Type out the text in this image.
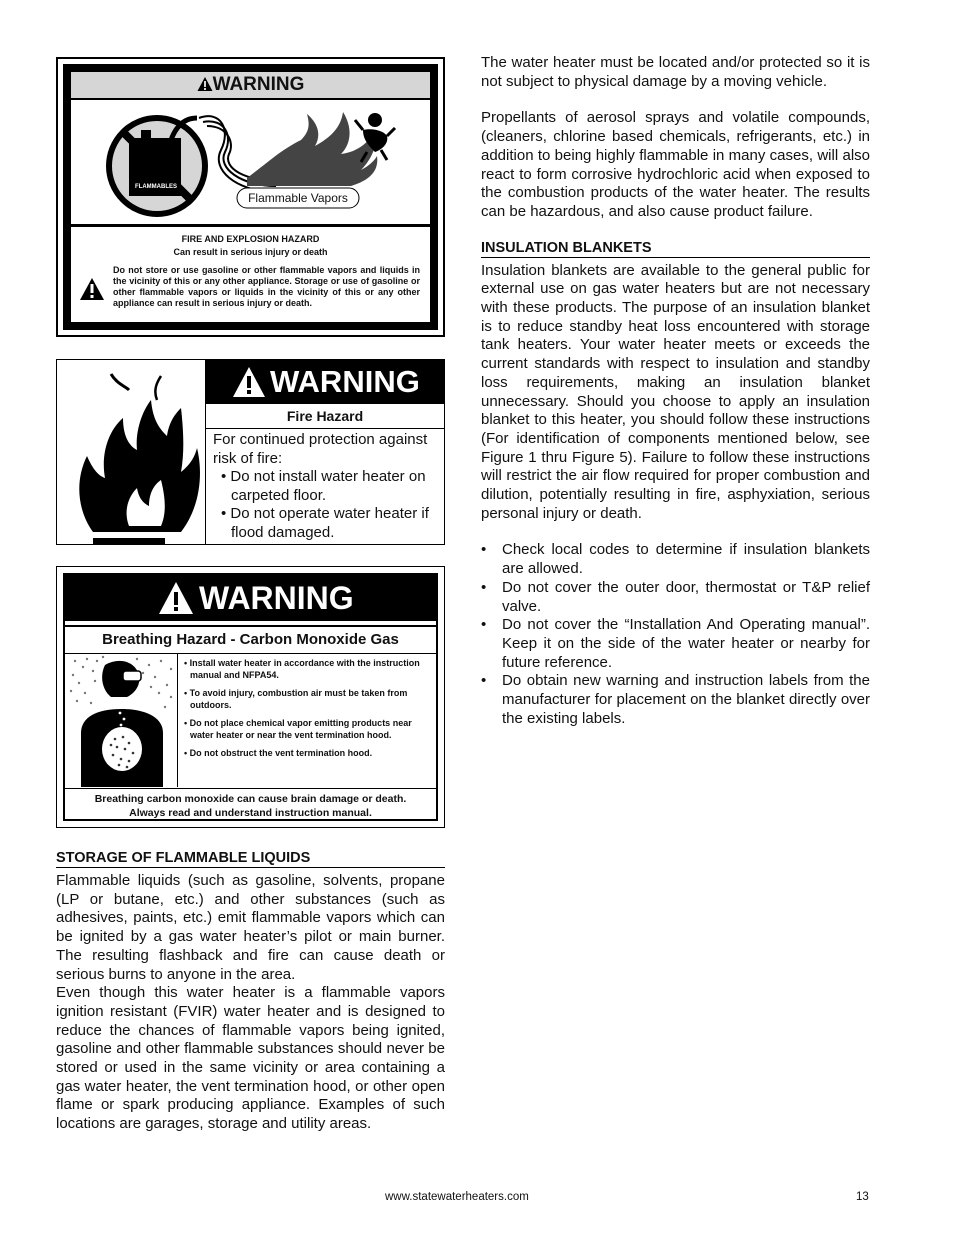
WARNING
FLAMMABLES
Flammable Vapors
FIRE AND EXPLOSION HAZARD
Can result in serious injury or death
Do not store or use gasoline or other flammable vapors and liquids in the vicinity of this or any other appliance. Storage or use of gasoline or other flammable vapors or liquids in the vicinity of this or any other appliance can result in serious injury or death.
WARNING
Fire Hazard
For continued protection against risk of fire:
• Do not install water heater on carpeted floor.
• Do not operate water heater if flood damaged.
WARNING
Breathing Hazard - Carbon Monoxide Gas
• Install water heater in accordance with the instruction manual and NFPA54.
• To avoid injury, combustion air must be taken from outdoors.
• Do not place chemical vapor emitting products near water heater or near the vent termination hood.
• Do not obstruct the vent termination hood.
Breathing carbon monoxide can cause brain damage or death.
Always read and understand instruction manual.
STORAGE OF FLAMMABLE LIQUIDS

Flammable liquids (such as gasoline, solvents, propane (LP or butane, etc.) and other substances (such as adhesives, paints, etc.) emit flammable vapors which can be ignited by a gas water heater’s pilot or main burner. The resulting flashback and fire can cause death or serious burns to anyone in the area.

Even though this water heater is a flammable vapors ignition resistant (FVIR) water heater and is designed to reduce the chances of flammable vapors being ignited, gasoline and other flammable substances should never be stored or used in the same vicinity or area containing a gas water heater, the vent termination hood, or other open flame or spark producing appliance. Examples of such locations are garages, storage and utility areas.

The water heater must be located and/or protected so it is not subject to physical damage by a moving vehicle.

Propellants of aerosol sprays and volatile compounds, (cleaners, chlorine based chemicals, refrigerants, etc.) in addition to being highly flammable in many cases, will also react to form corrosive hydrochloric acid when exposed to the combustion products of the water heater. The results can be hazardous, and also cause product failure.

INSULATION BLANKETS

Insulation blankets are available to the general public for external use on gas water heaters but are not necessary with these products. The purpose of an insulation blanket is to reduce standby heat loss encountered with storage tank heaters. Your water heater meets or exceeds the current standards with respect to insulation and standby loss requirements, making an insulation blanket unnecessary. Should you choose to apply an insulation blanket to this heater, you should follow these instructions (For identification of components mentioned below, see Figure 1 thru Figure 5). Failure to follow these instructions will restrict the air flow required for proper combustion and dilution, potentially resulting in fire, asphyxiation, serious personal injury or death.

• Check local codes to determine if insulation blankets are allowed.
• Do not cover the outer door, thermostat or T&P relief valve.
• Do not cover the “Installation And Operating manual”. Keep it on the side of the water heater or nearby for future reference.
• Do obtain new warning and instruction labels from the manufacturer for placement on the blanket directly over the existing labels.
www.statewaterheaters.com	13
